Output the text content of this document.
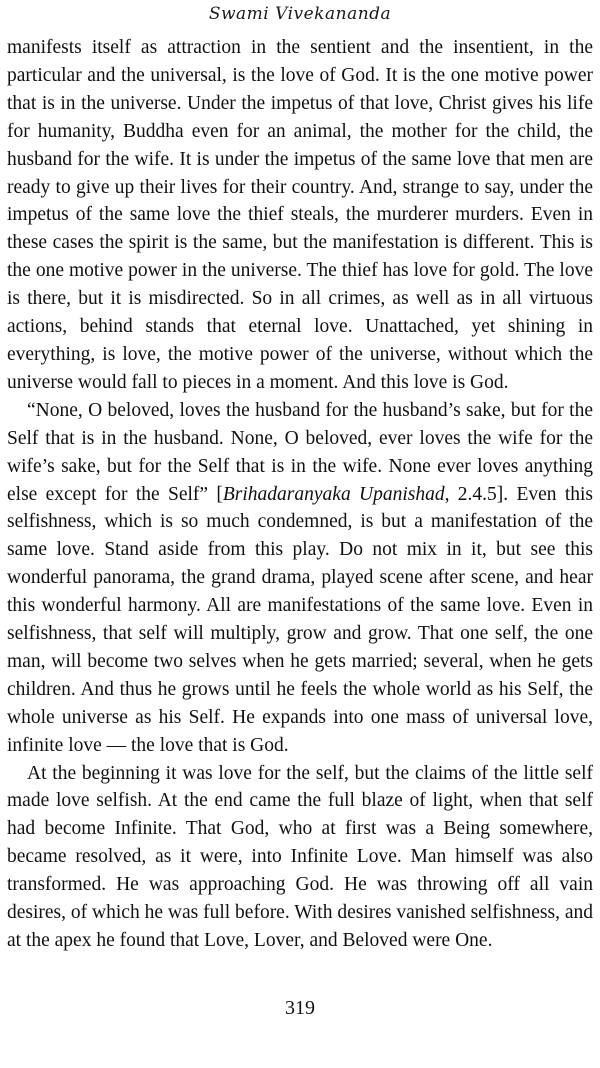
Swami Vivekananda

manifests itself as attraction in the sentient and the insentient, in the particular and the universal, is the love of God. It is the one motive power that is in the universe. Under the impetus of that love, Christ gives his life for humanity, Buddha even for an animal, the mother for the child, the husband for the wife. It is under the impetus of the same love that men are ready to give up their lives for their country. And, strange to say, under the impetus of the same love the thief steals, the murderer murders. Even in these cases the spirit is the same, but the manifestation is different. This is the one motive power in the universe. The thief has love for gold. The love is there, but it is misdirected. So in all crimes, as well as in all virtuous actions, behind stands that eternal love. Unattached, yet shining in everything, is love, the motive power of the universe, without which the universe would fall to pieces in a moment. And this love is God.

“None, O beloved, loves the husband for the husband’s sake, but for the Self that is in the husband. None, O beloved, ever loves the wife for the wife’s sake, but for the Self that is in the wife. None ever loves anything else except for the Self” [Brihadaranyaka Upanishad, 2.4.5]. Even this selfishness, which is so much condemned, is but a manifestation of the same love. Stand aside from this play. Do not mix in it, but see this wonderful panorama, the grand drama, played scene after scene, and hear this wonderful harmony. All are manifestations of the same love. Even in selfishness, that self will multiply, grow and grow. That one self, the one man, will become two selves when he gets married; several, when he gets children. And thus he grows until he feels the whole world as his Self, the whole universe as his Self. He expands into one mass of universal love, infinite love — the love that is God.

At the beginning it was love for the self, but the claims of the little self made love selfish. At the end came the full blaze of light, when that self had become Infinite. That God, who at first was a Being somewhere, became resolved, as it were, into Infinite Love. Man himself was also transformed. He was approaching God. He was throwing off all vain desires, of which he was full before. With desires vanished selfishness, and at the apex he found that Love, Lover, and Beloved were One.

319
